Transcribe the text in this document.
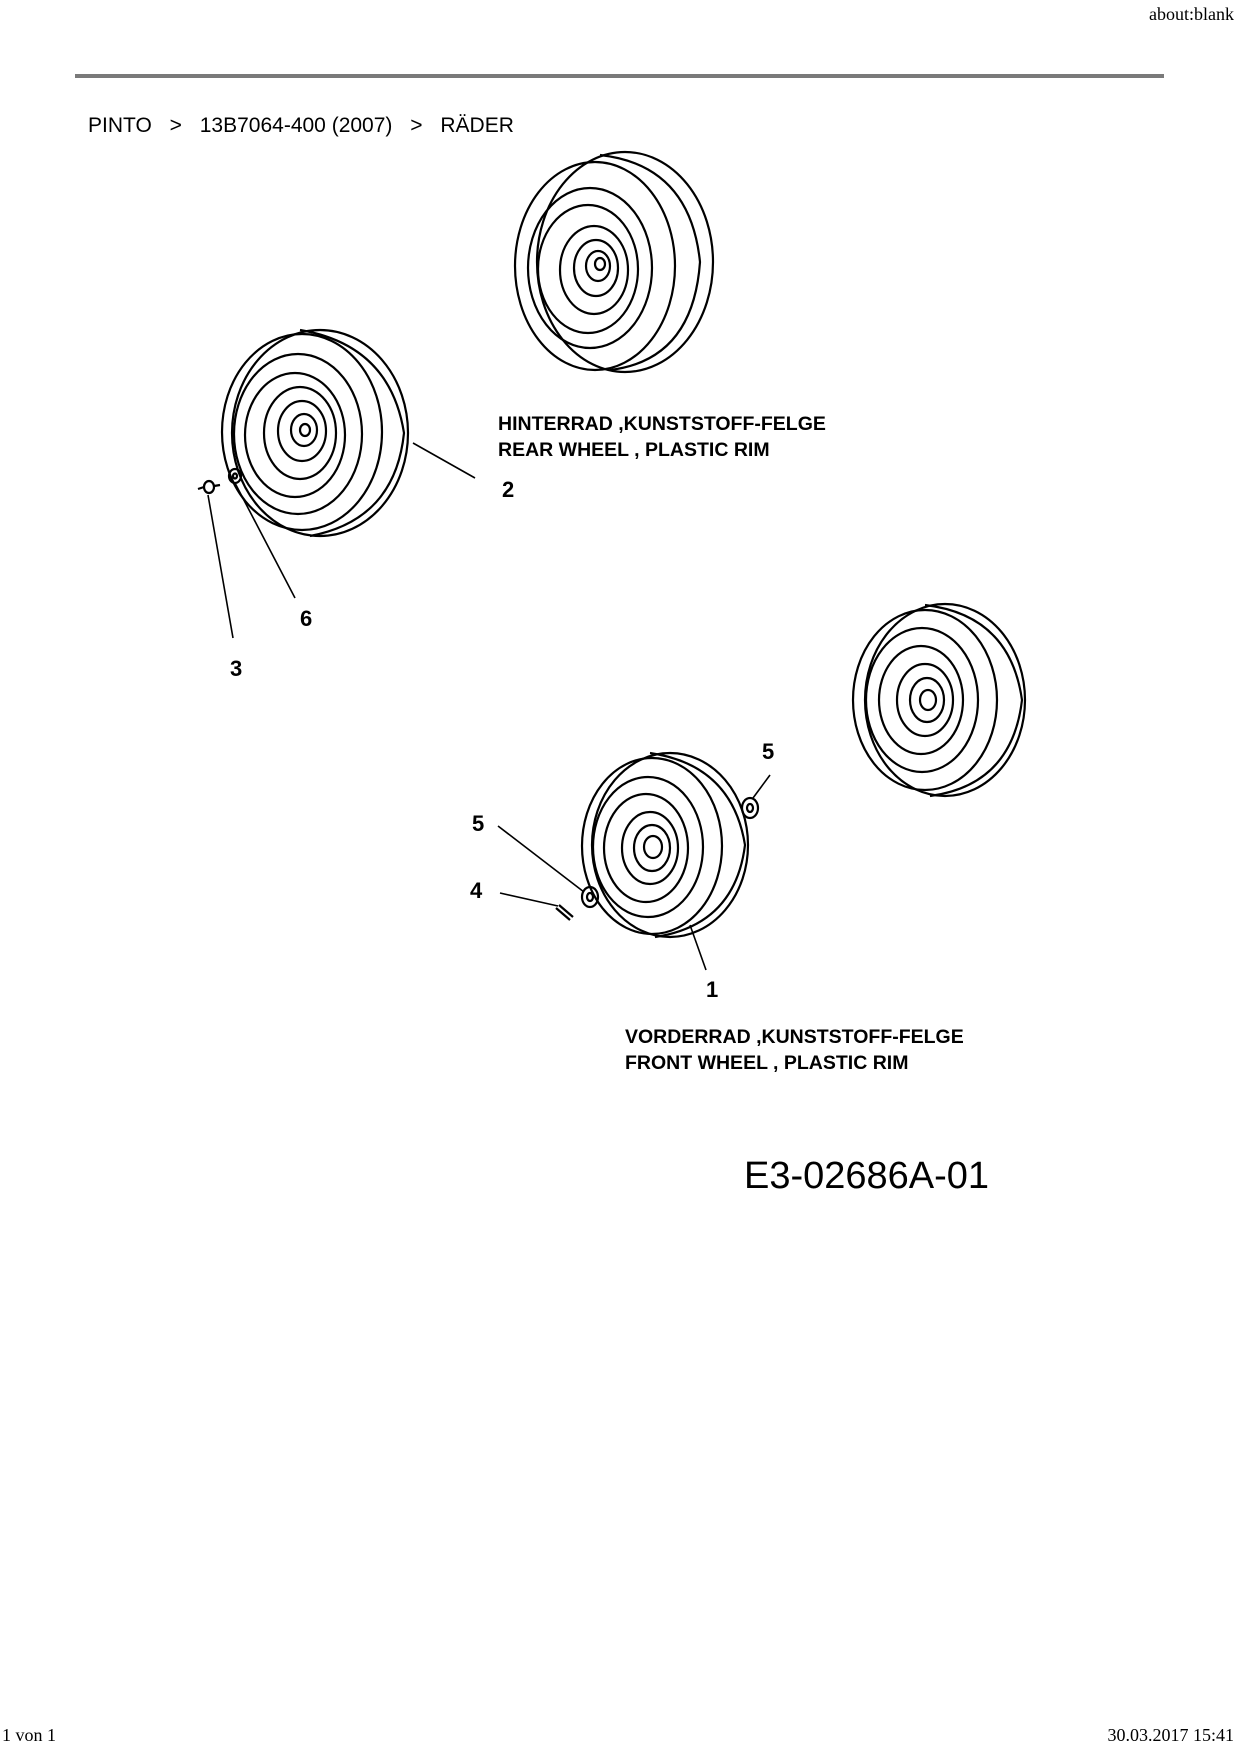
about:blank
PINTO > 13B7064-400 (2007) > RÄDER
2
6
3
5
5
4
1
HINTERRAD ,KUNSTSTOFF-FELGE
REAR WHEEL , PLASTIC RIM
VORDERRAD ,KUNSTSTOFF-FELGE
FRONT WHEEL , PLASTIC RIM
E3-02686A-01
1 von 1	30.03.2017 15:41
